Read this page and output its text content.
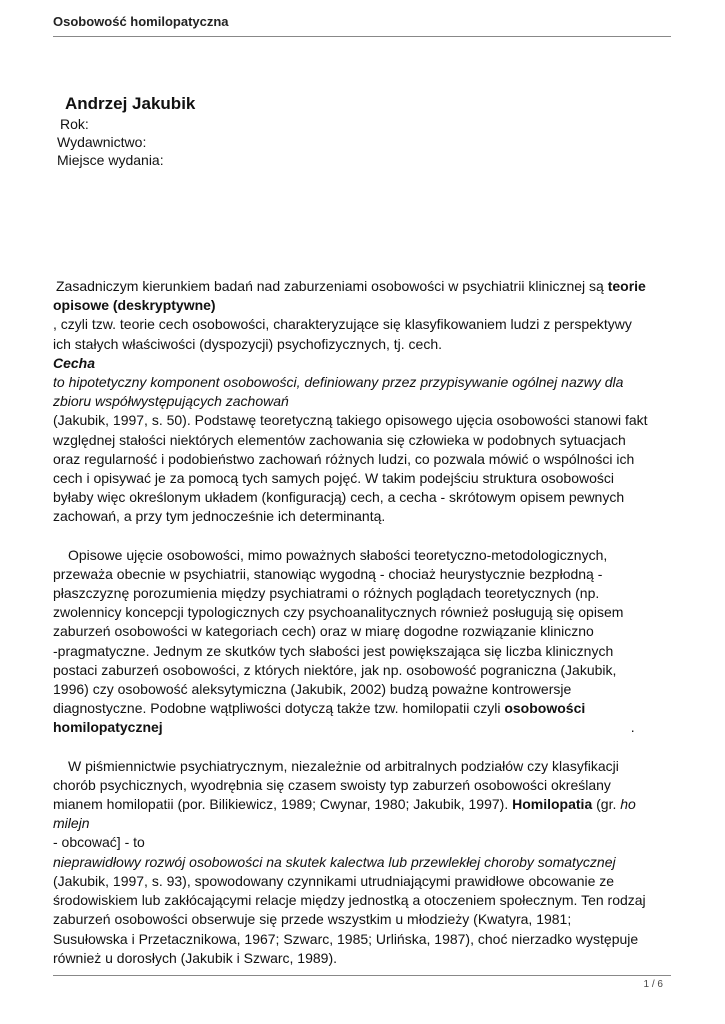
Osobowość homilopatyczna
Andrzej Jakubik
Rok:
Wydawnictwo:
Miejsce wydania:
Zasadniczym kierunkiem badań nad zaburzeniami osobowości w psychiatrii klinicznej są teorie
opisowe (deskryptywne)
, czyli tzw. teorie cech osobowości, charakteryzujące się klasyfikowaniem ludzi z perspektywy
ich stałych właściwości (dyspozycji) psychofizycznych, tj. cech.
Cecha
to hipotetyczny komponent osobowości, definiowany przez przypisywanie ogólnej nazwy dla
zbioru współwystępujących zachowań
(Jakubik, 1997, s. 50). Podstawę teoretyczną takiego opisowego ujęcia osobowości stanowi fakt
względnej stałości niektórych elementów zachowania się człowieka w podobnych sytuacjach
oraz regularność i podobieństwo zachowań różnych ludzi, co pozwala mówić o wspólności ich
cech i opisywać je za pomocą tych samych pojęć. W takim podejściu struktura osobowości
byłaby więc określonym układem (konfiguracją) cech, a cecha - skrótowym opisem pewnych
zachowań, a przy tym jednocześnie ich determinantą.
Opisowe ujęcie osobowości, mimo poważnych słabości teoretyczno-metodologicznych,
przeważa obecnie w psychiatrii, stanowiąc wygodną - chociaż heurystycznie bezpłodną -
płaszczyznę porozumienia między psychiatrami o różnych poglądach teoretycznych (np.
zwolennicy koncepcji typologicznych czy psychoanalitycznych również posługują się opisem
zaburzeń osobowości w kategoriach cech) oraz w miarę dogodne rozwiązanie kliniczno
-pragmatyczne. Jednym ze skutków tych słabości jest powiększająca się liczba klinicznych
postaci zaburzeń osobowości, z których niektóre, jak np. osobowość pograniczna (Jakubik,
1996) czy osobowość aleksytymiczna (Jakubik, 2002) budzą poważne kontrowersje
diagnostyczne. Podobne wątpliwości dotyczą także tzw. homilopatii czyli osobowości
homilopatycznej	.
W piśmiennictwie psychiatrycznym, niezależnie od arbitralnych podziałów czy klasyfikacji
chorób psychicznych, wyodrębnia się czasem swoisty typ zaburzeń osobowości określany
mianem homilopatii (por. Bilikiewicz, 1989; Cwynar, 1980; Jakubik, 1997). Homilopatia (gr. ho
milejn
- obcować] - to
nieprawidłowy rozwój osobowości na skutek kalectwa lub przewlekłej choroby somatycznej
(Jakubik, 1997, s. 93), spowodowany czynnikami utrudniającymi prawidłowe obcowanie ze
środowiskiem lub zakłócającymi relacje między jednostką a otoczeniem społecznym. Ten rodzaj
zaburzeń osobowości obserwuje się przede wszystkim u młodzieży (Kwatyra, 1981;
Susułowska i Przetacznikowa, 1967; Szwarc, 1985; Urlińska, 1987), choć nierzadko występuje
również u dorosłych (Jakubik i Szwarc, 1989).
1 / 6
